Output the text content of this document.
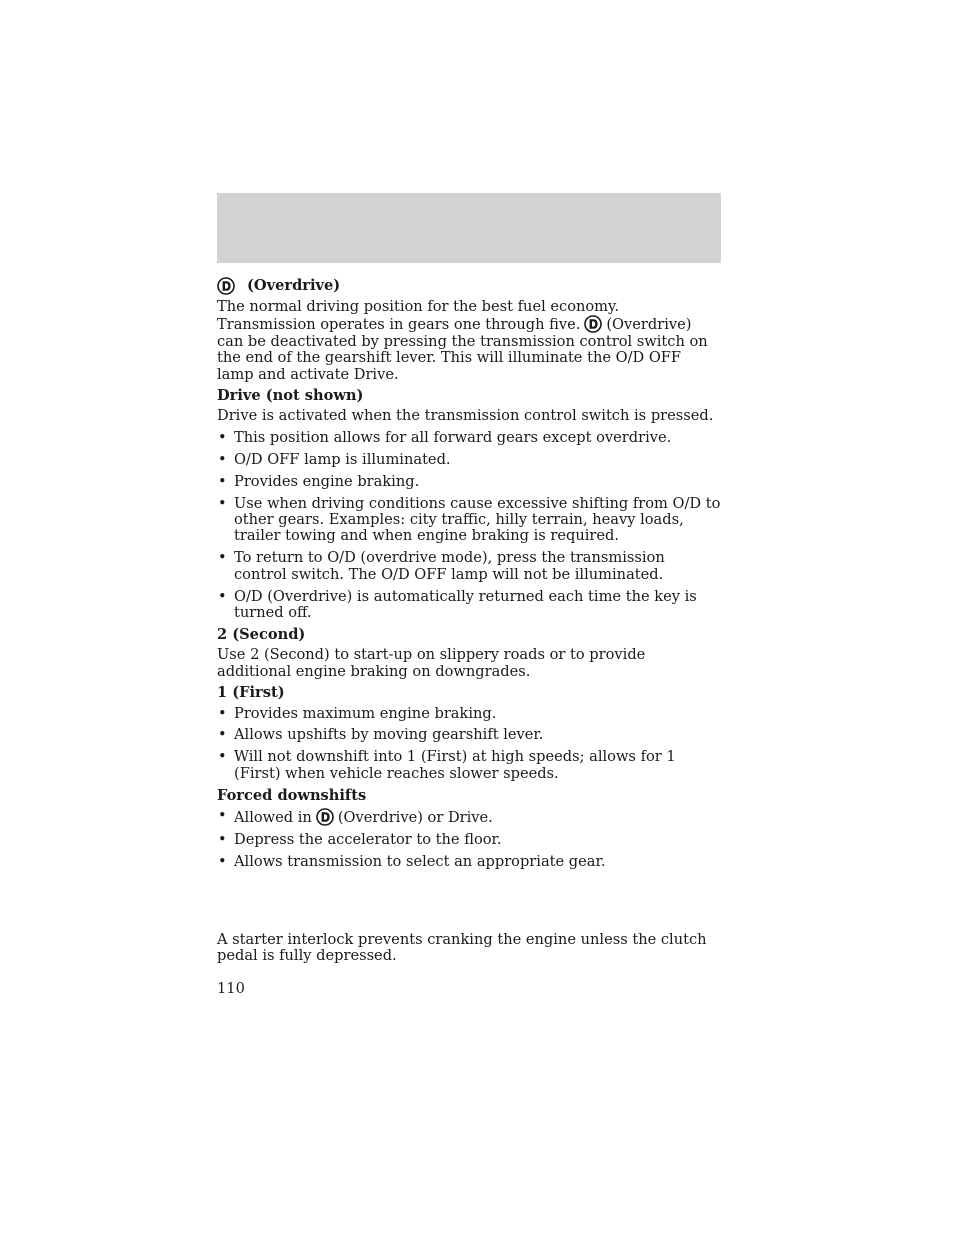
(Overdrive)

The normal driving position for the best fuel economy. Transmission operates in gears one through five. (Overdrive) can be deactivated by pressing the transmission control switch on the end of the gearshift lever. This will illuminate the O/D OFF lamp and activate Drive.

Drive (not shown)

Drive is activated when the transmission control switch is pressed.

• This position allows for all forward gears except overdrive.
• O/D OFF lamp is illuminated.
• Provides engine braking.
• Use when driving conditions cause excessive shifting from O/D to other gears. Examples: city traffic, hilly terrain, heavy loads, trailer towing and when engine braking is required.
• To return to O/D (overdrive mode), press the transmission control switch. The O/D OFF lamp will not be illuminated.
• O/D (Overdrive) is automatically returned each time the key is turned off.
2 (Second)

Use 2 (Second) to start-up on slippery roads or to provide additional engine braking on downgrades.

1 (First)
• Provides maximum engine braking.
• Allows upshifts by moving gearshift lever.
• Will not downshift into 1 (First) at high speeds; allows for 1 (First) when vehicle reaches slower speeds.
Forced downshifts
• Allowed in (Overdrive) or Drive.
• Depress the accelerator to the floor.
• Allows transmission to select an appropriate gear.

A starter interlock prevents cranking the engine unless the clutch pedal is fully depressed.

110
